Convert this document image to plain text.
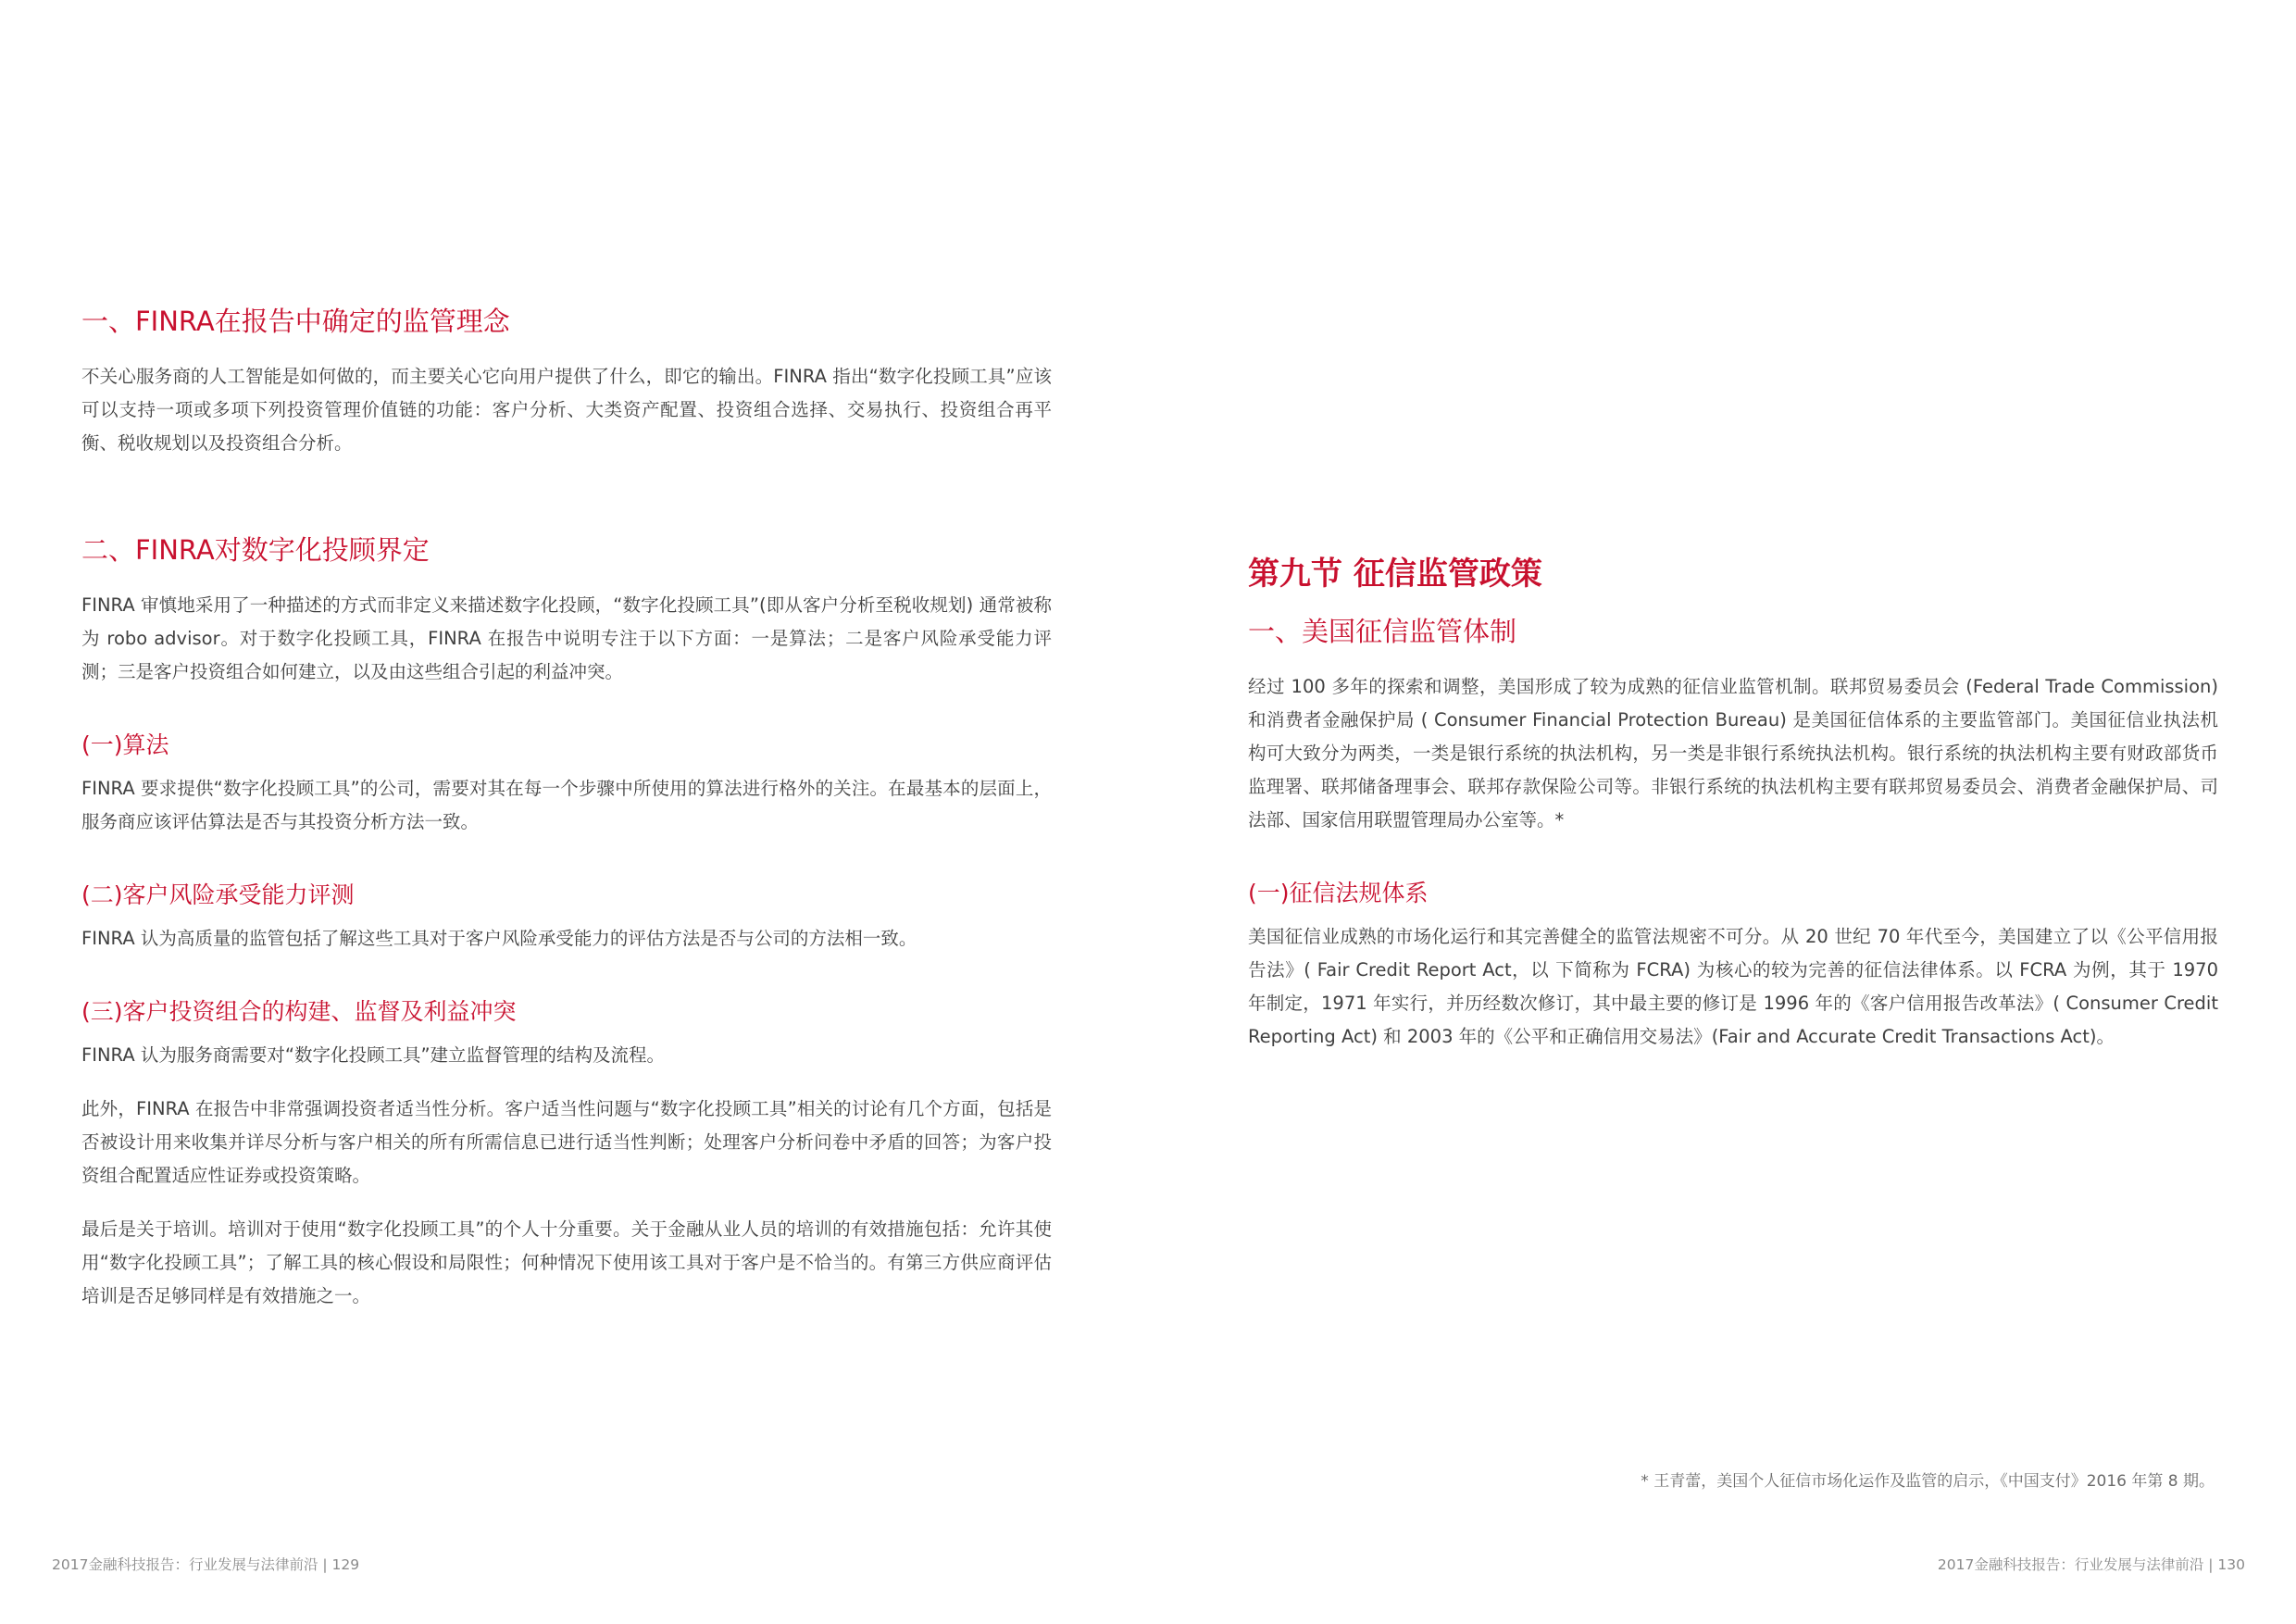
一、FINRA在报告中确定的监管理念

不关心服务商的人工智能是如何做的，而主要关心它向用户提供了什么，即它的输出。FINRA 指出“数字化投顾工具”应该可以支持一项或多项下列投资管理价值链的功能：客户分析、大类资产配置、投资组合选择、交易执行、投资组合再平衡、税收规划以及投资组合分析。

二、FINRA对数字化投顾界定

FINRA 审慎地采用了一种描述的方式而非定义来描述数字化投顾，“数字化投顾工具”(即从客户分析至税收规划) 通常被称为 robo advisor。对于数字化投顾工具，FINRA 在报告中说明专注于以下方面：一是算法；二是客户风险承受能力评测；三是客户投资组合如何建立，以及由这些组合引起的利益冲突。

(一)算法

FINRA 要求提供“数字化投顾工具”的公司，需要对其在每一个步骤中所使用的算法进行格外的关注。在最基本的层面上，服务商应该评估算法是否与其投资分析方法一致。

(二)客户风险承受能力评测

FINRA 认为高质量的监管包括了解这些工具对于客户风险承受能力的评估方法是否与公司的方法相一致。

(三)客户投资组合的构建、监督及利益冲突

FINRA 认为服务商需要对“数字化投顾工具”建立监督管理的结构及流程。

此外，FINRA 在报告中非常强调投资者适当性分析。客户适当性问题与“数字化投顾工具”相关的讨论有几个方面，包括是否被设计用来收集并详尽分析与客户相关的所有所需信息已进行适当性判断；处理客户分析问卷中矛盾的回答；为客户投资组合配置适应性证券或投资策略。

最后是关于培训。培训对于使用“数字化投顾工具”的个人十分重要。关于金融从业人员的培训的有效措施包括：允许其使用“数字化投顾工具”；了解工具的核心假设和局限性；何种情况下使用该工具对于客户是不恰当的。有第三方供应商评估培训是否足够同样是有效措施之一。

2017金融科技报告：行业发展与法律前沿 | 129
第九节 征信监管政策
一、美国征信监管体制

经过 100 多年的探索和调整，美国形成了较为成熟的征信业监管机制。联邦贸易委员会 (Federal Trade Commission) 和消费者金融保护局 ( Consumer Financial Protection Bureau) 是美国征信体系的主要监管部门。美国征信业执法机构可大致分为两类，一类是银行系统的执法机构，另一类是非银行系统执法机构。银行系统的执法机构主要有财政部货币监理署、联邦储备理事会、联邦存款保险公司等。非银行系统的执法机构主要有联邦贸易委员会、消费者金融保护局、司法部、国家信用联盟管理局办公室等。*

(一)征信法规体系

美国征信业成熟的市场化运行和其完善健全的监管法规密不可分。从 20 世纪 70 年代至今，美国建立了以《公平信用报告法》( Fair Credit Report Act，以 下简称为 FCRA) 为核心的较为完善的征信法律体系。以 FCRA 为例，其于 1970 年制定，1971 年实行，并历经数次修订，其中最主要的修订是 1996 年的《客户信用报告改革法》( Consumer Credit Reporting Act) 和 2003 年的《公平和正确信用交易法》(Fair and Accurate Credit Transactions Act)。

* 王青蕾，美国个人征信市场化运作及监管的启示，《中国支付》2016 年第 8 期。
2017金融科技报告：行业发展与法律前沿 | 130
